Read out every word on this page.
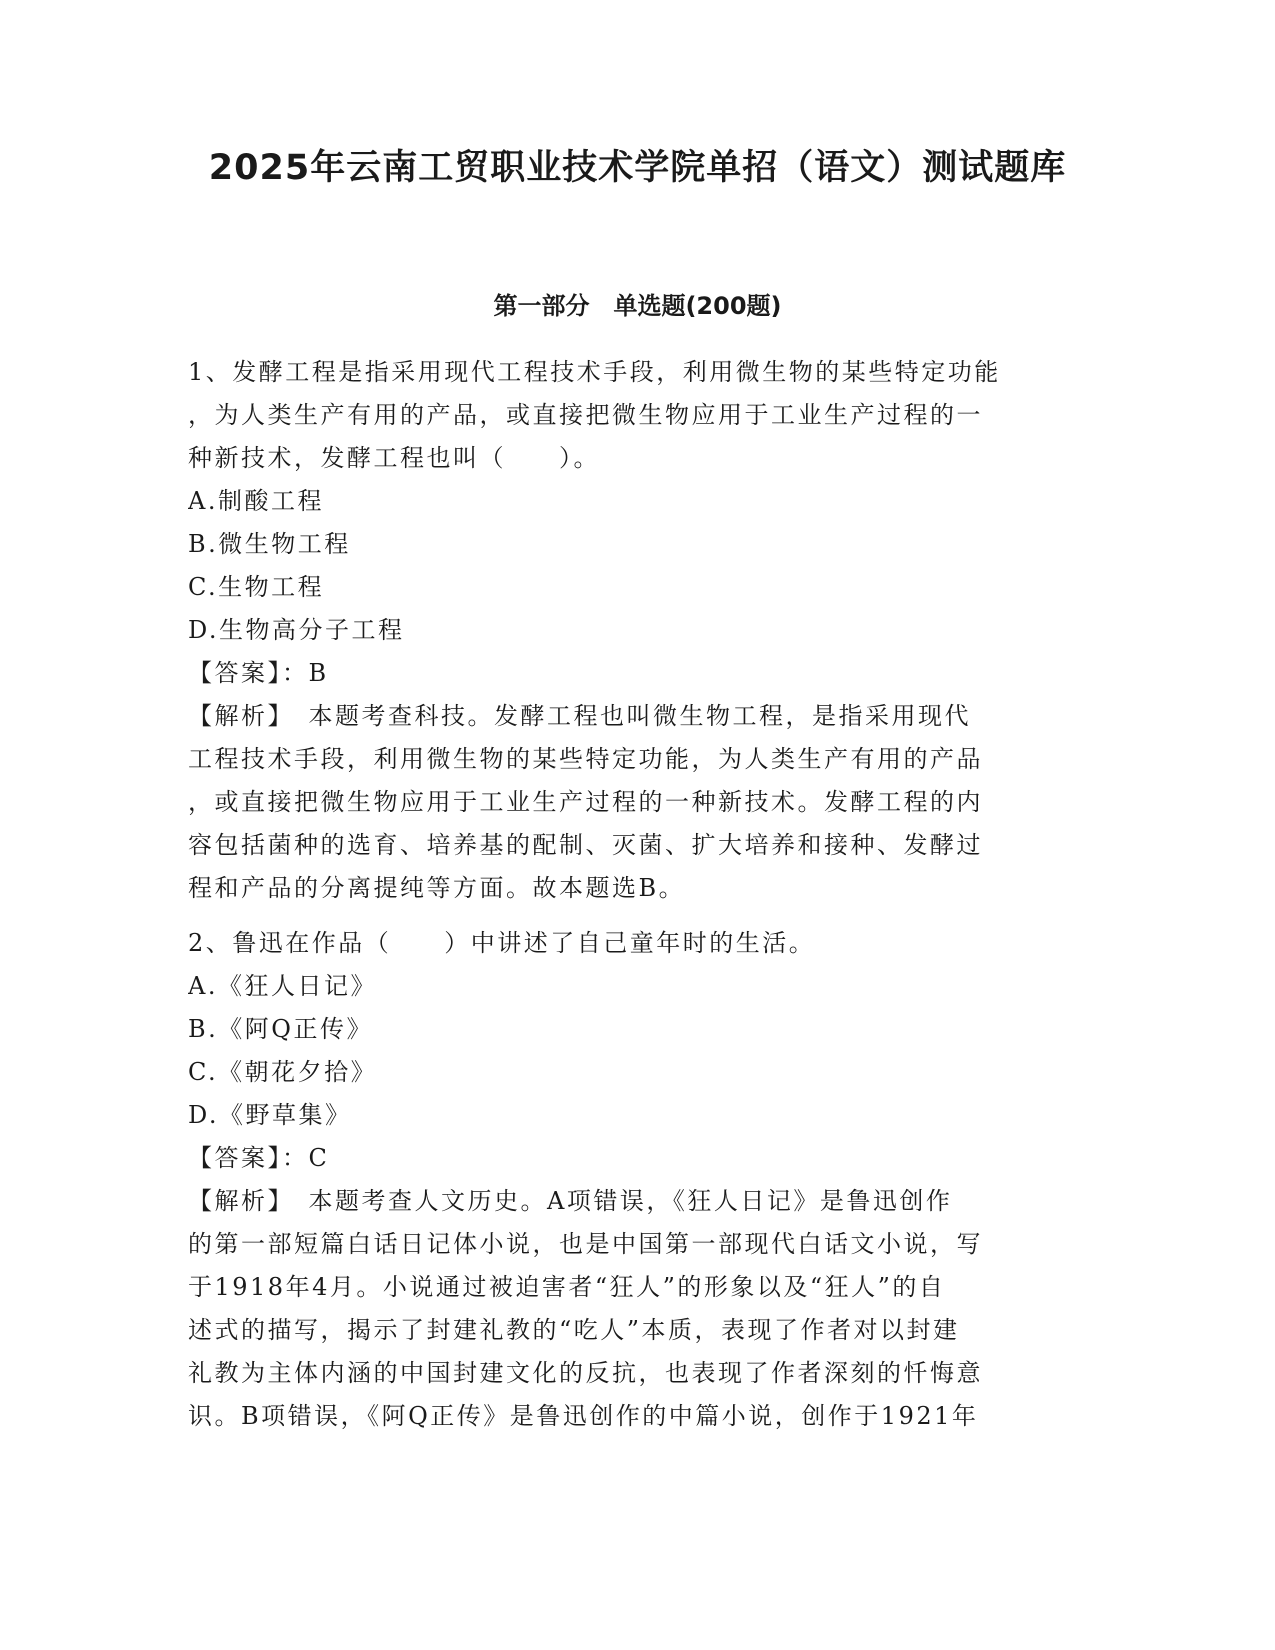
2025年云南工贸职业技术学院单招（语文）测试题库
第一部分　单选题(200题)
1、发酵工程是指采用现代工程技术手段，利用微生物的某些特定功能
，为人类生产有用的产品，或直接把微生物应用于工业生产过程的一
种新技术，发酵工程也叫（　　）。
A.制酸工程
B.微生物工程
C.生物工程
D.生物高分子工程
【答案】：B
【解析】　本题考查科技。发酵工程也叫微生物工程，是指采用现代
工程技术手段，利用微生物的某些特定功能，为人类生产有用的产品
，或直接把微生物应用于工业生产过程的一种新技术。发酵工程的内
容包括菌种的选育、培养基的配制、灭菌、扩大培养和接种、发酵过
程和产品的分离提纯等方面。故本题选B。
2、鲁迅在作品（　　）中讲述了自己童年时的生活。
A.《狂人日记》
B.《阿Q正传》
C.《朝花夕拾》
D.《野草集》
【答案】：C
【解析】　本题考查人文历史。A项错误，《狂人日记》是鲁迅创作
的第一部短篇白话日记体小说，也是中国第一部现代白话文小说，写
于1918年4月。小说通过被迫害者“狂人”的形象以及“狂人”的自
述式的描写，揭示了封建礼教的“吃人”本质，表现了作者对以封建
礼教为主体内涵的中国封建文化的反抗，也表现了作者深刻的忏悔意
识。B项错误，《阿Q正传》是鲁迅创作的中篇小说，创作于1921年
